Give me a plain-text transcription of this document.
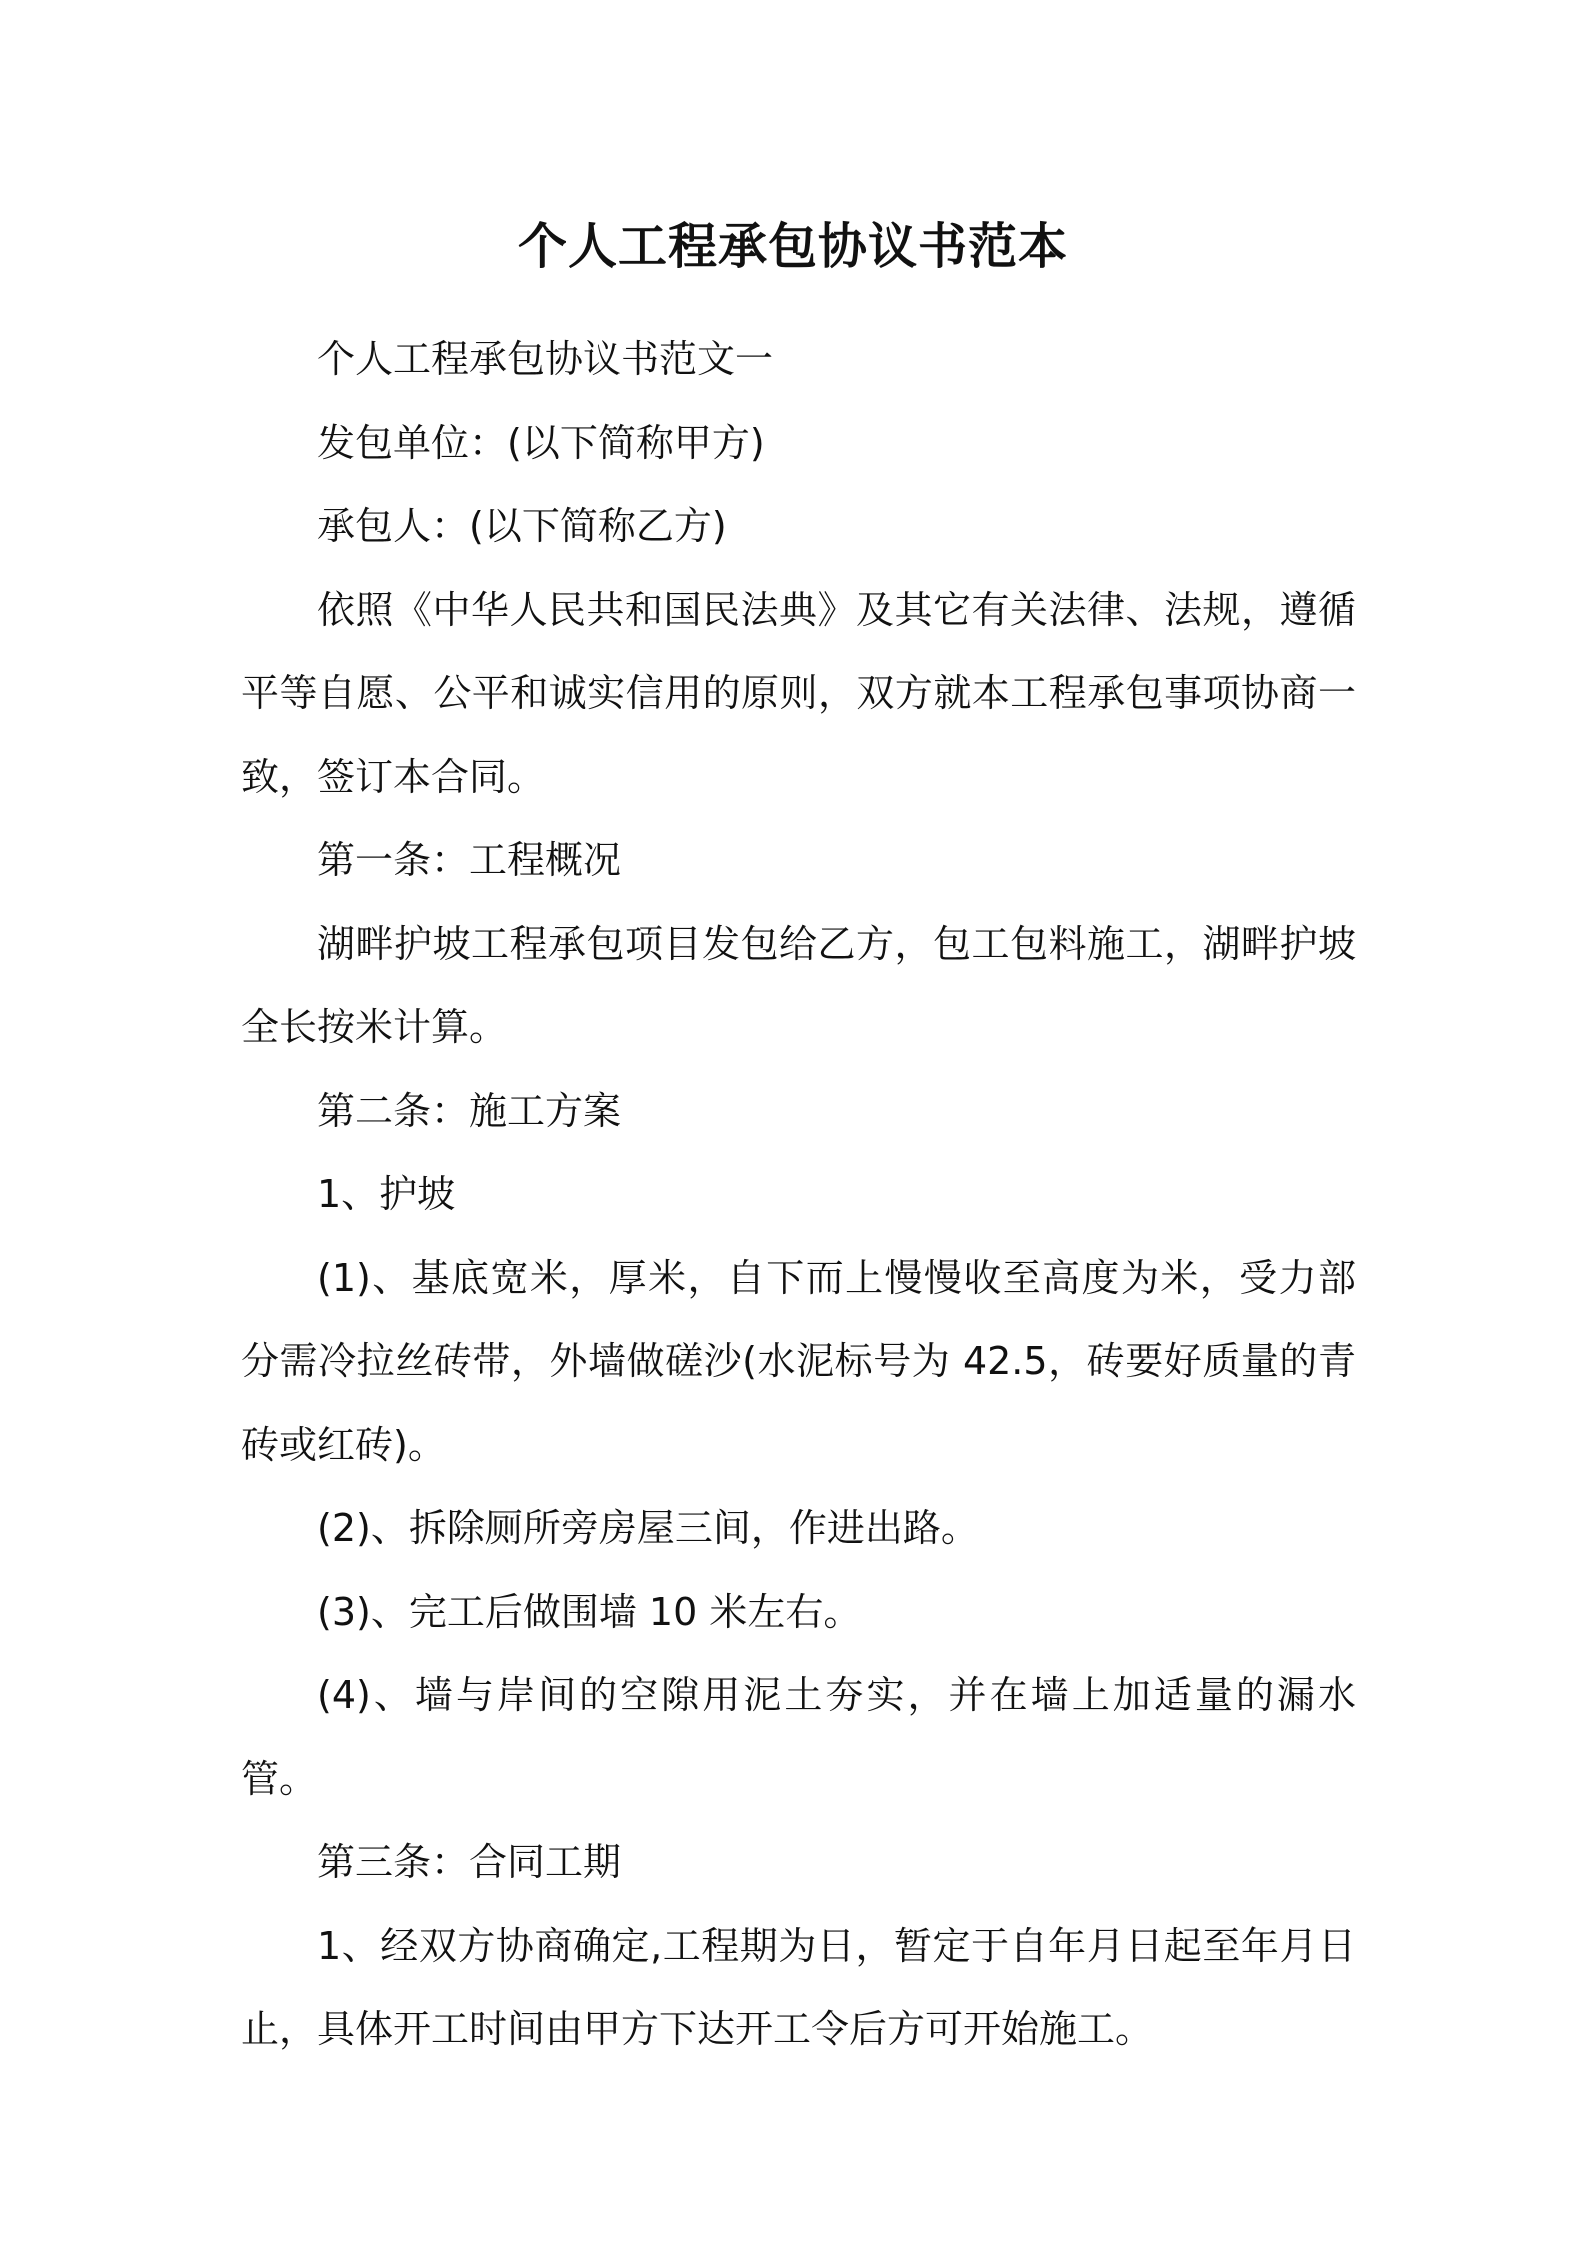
个人工程承包协议书范本

个人工程承包协议书范文一

发包单位：(以下简称甲方)

承包人：(以下简称乙方)

依照《中华人民共和国民法典》及其它有关法律、法规，遵循平等自愿、公平和诚实信用的原则，双方就本工程承包事项协商一致，签订本合同。

第一条：工程概况

湖畔护坡工程承包项目发包给乙方，包工包料施工，湖畔护坡全长按米计算。

第二条：施工方案

1、护坡

(1)、基底宽米，厚米，自下而上慢慢收至高度为米，受力部分需冷拉丝砖带，外墙做磋沙(水泥标号为 42.5，砖要好质量的青砖或红砖)。

(2)、拆除厕所旁房屋三间，作进出路。

(3)、完工后做围墙 10 米左右。

(4)、墙与岸间的空隙用泥土夯实，并在墙上加适量的漏水管。

第三条：合同工期

1、经双方协商确定,工程期为日，暂定于自年月日起至年月日止，具体开工时间由甲方下达开工令后方可开始施工。
